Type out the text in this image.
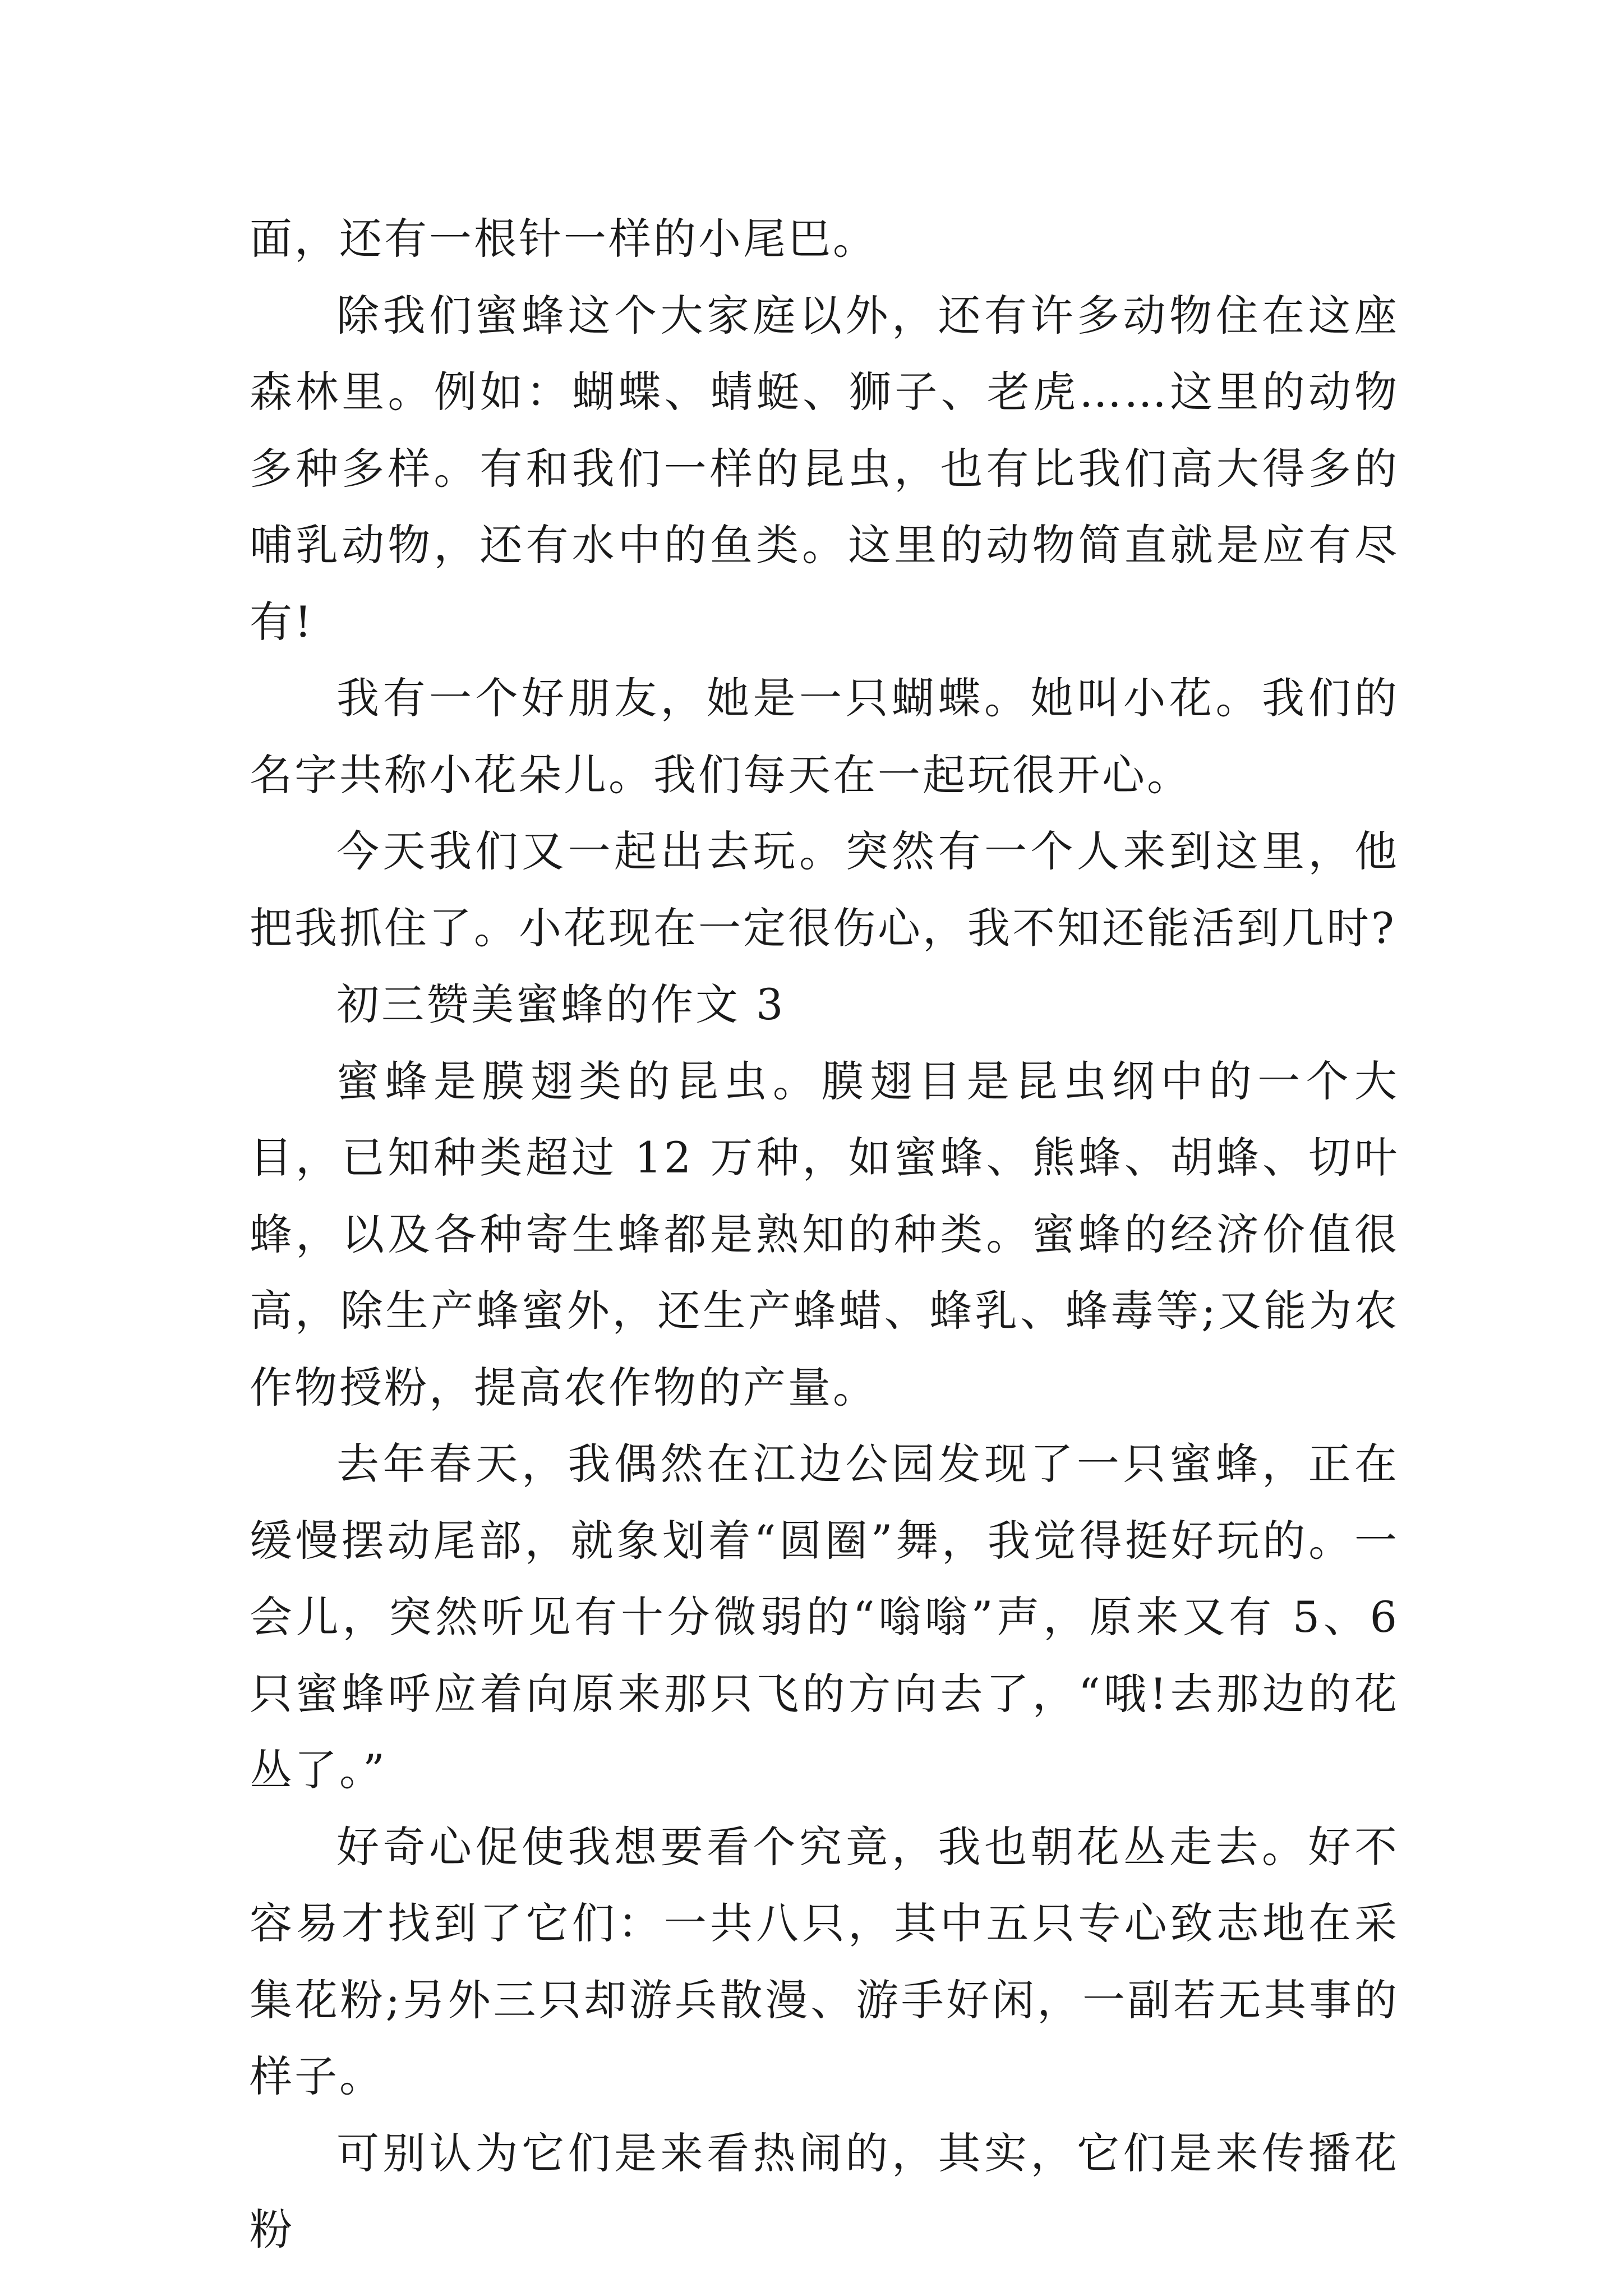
面，还有一根针一样的小尾巴。

除我们蜜蜂这个大家庭以外，还有许多动物住在这座森林里。例如：蝴蝶、蜻蜓、狮子、老虎……这里的动物多种多样。有和我们一样的昆虫，也有比我们高大得多的哺乳动物，还有水中的鱼类。这里的动物简直就是应有尽有!

我有一个好朋友，她是一只蝴蝶。她叫小花。我们的名字共称小花朵儿。我们每天在一起玩很开心。

今天我们又一起出去玩。突然有一个人来到这里，他把我抓住了。小花现在一定很伤心，我不知还能活到几时?

初三赞美蜜蜂的作文 3

蜜蜂是膜翅类的昆虫。膜翅目是昆虫纲中的一个大目，已知种类超过 12 万种，如蜜蜂、熊蜂、胡蜂、切叶蜂，以及各种寄生蜂都是熟知的种类。蜜蜂的经济价值很高，除生产蜂蜜外，还生产蜂蜡、蜂乳、蜂毒等;又能为农作物授粉，提高农作物的产量。

去年春天，我偶然在江边公园发现了一只蜜蜂，正在缓慢摆动尾部，就象划着“圆圈”舞，我觉得挺好玩的。一会儿，突然听见有十分微弱的“嗡嗡”声，原来又有 5、6 只蜜蜂呼应着向原来那只飞的方向去了，“哦!去那边的花丛了。”

好奇心促使我想要看个究竟，我也朝花丛走去。好不容易才找到了它们：一共八只，其中五只专心致志地在采集花粉;另外三只却游兵散漫、游手好闲，一副若无其事的样子。

可别认为它们是来看热闹的，其实，它们是来传播花粉
